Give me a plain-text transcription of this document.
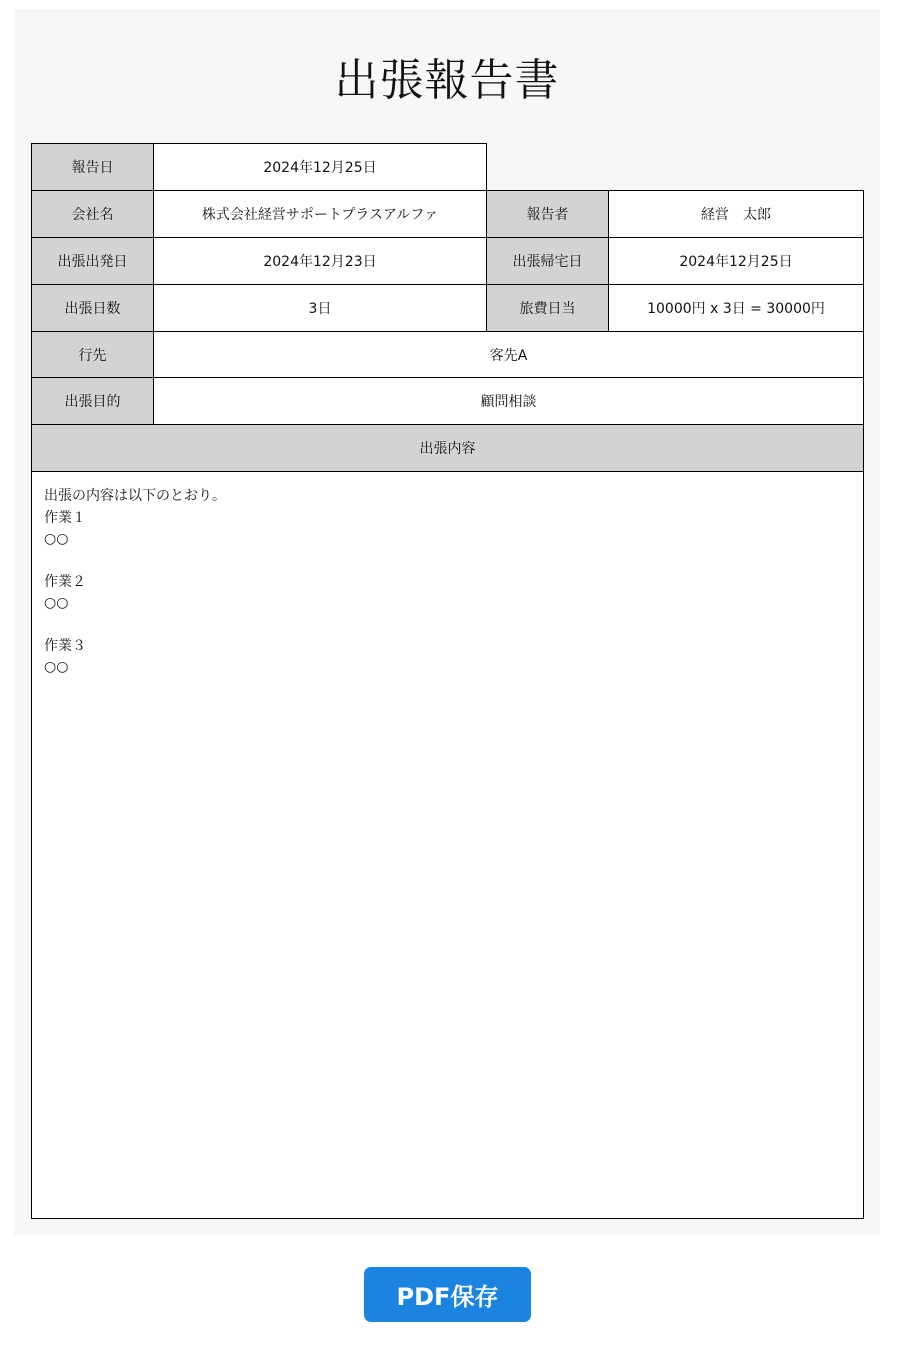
出張報告書
報告日	2024年12月25日
会社名	株式会社経営サポートプラスアルファ	報告者	経営　太郎
出張出発日	2024年12月23日	出張帰宅日	2024年12月25日
出張日数	3日	旅費日当	10000円 x 3日 = 30000円
行先	客先A
出張目的	顧問相談
出張内容
出張の内容は以下のとおり。
作業１
○○
作業２
○○
作業３
○○
PDF保存
